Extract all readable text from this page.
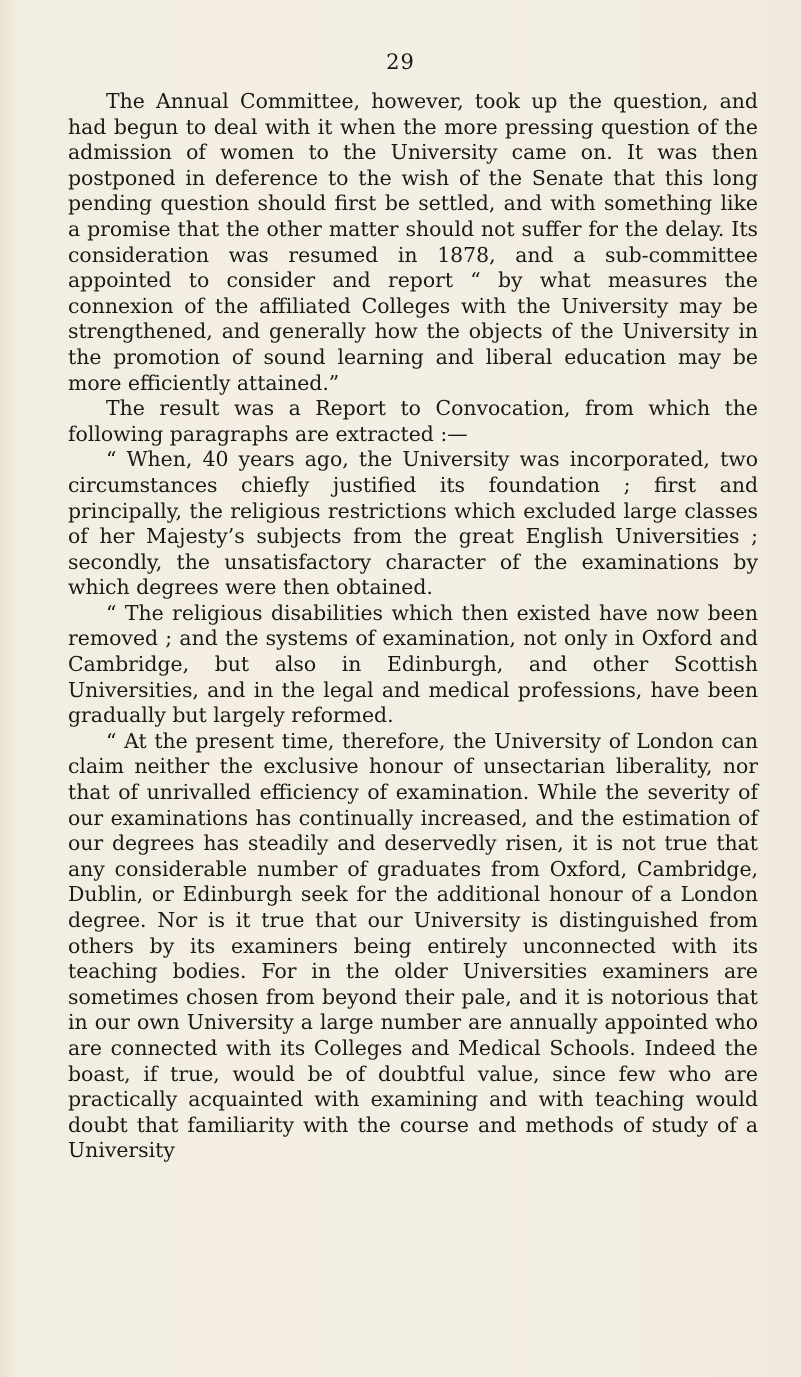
29

The Annual Committee, however, took up the question, and had begun to deal with it when the more pressing question of the admission of women to the University came on. It was then postponed in deference to the wish of the Senate that this long pending question should first be settled, and with something like a promise that the other matter should not suffer for the delay. Its consideration was resumed in 1878, and a sub-committee appointed to consider and report “ by what measures the connexion of the affiliated Colleges with the University may be strengthened, and generally how the objects of the University in the promotion of sound learning and liberal education may be more efficiently attained.”

The result was a Report to Convocation, from which the following paragraphs are extracted :—

“ When, 40 years ago, the University was incorporated, two circumstances chiefly justified its foundation ; first and principally, the religious restrictions which excluded large classes of her Majesty’s subjects from the great English Universities ; secondly, the unsatisfactory character of the examinations by which degrees were then obtained.

“ The religious disabilities which then existed have now been removed ; and the systems of examination, not only in Oxford and Cambridge, but also in Edinburgh, and other Scottish Universities, and in the legal and medical professions, have been gradually but largely reformed.

“ At the present time, therefore, the University of London can claim neither the exclusive honour of unsectarian liberality, nor that of unrivalled efficiency of examination. While the severity of our examinations has continually increased, and the estimation of our degrees has steadily and deservedly risen, it is not true that any considerable number of graduates from Oxford, Cambridge, Dublin, or Edinburgh seek for the additional honour of a London degree. Nor is it true that our University is distinguished from others by its examiners being entirely unconnected with its teaching bodies. For in the older Universities examiners are sometimes chosen from beyond their pale, and it is notorious that in our own University a large number are annually appointed who are connected with its Colleges and Medical Schools. Indeed the boast, if true, would be of doubtful value, since few who are practically acquainted with examining and with teaching would doubt that familiarity with the course and methods of study of a University
